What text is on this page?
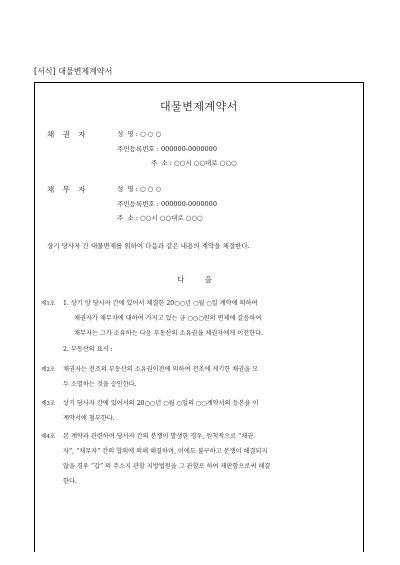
[서식] 대물변제계약서
대물변제계약서
채 권 자	성  명 : ○ ○ ○
주민등록번호 : 000000-0000000
주  소 : ○○시 ○○대로 ○○○
채 무 자	성  명 : ○ ○ ○
주민등록번호 : 000000-0000000
주  소 : ○○시 ○○대로 ○○○
상기 당사자 간 대물변제를 위하여 다음과 같은 내용의 계약을 체결한다.
다 음
제1조 1. 상기 양 당사자 간에 있어서 체결한 20○○년 ○월 ○일 계약에 의하여
채권자가 채무자에 대하여 가지고 있는 금 ○○○원의 변제에 갈음하여
채무자는 그가 소유하는 다음 부동산의 소유권을 채권자에게 이전한다.
2. 부동산의 표시 :
제2조 채권자는 전조의 부동산의 소유권이전에 의하여 전조에 게기한 채권을 모
두 소멸하는 것을 승인한다.
제3조 상기 당사자 간에 있어서의 20○○년 ○월 ○일의 ○○계약서의 등본을 이
계약서에 첨부한다.
제4조 본 계약과 관련하여 당사자 간의 분쟁이 발생한 경우, 원칙적으로 “채권
자”, “채무자” 간의 합의에 의해 해결하며, 이에도 불구하고 분쟁이 해결되지
않을 경우 “갑” 의 주소지 관할 지방법원을 그 관할로 하여 재판함으로써 해결
한다.
